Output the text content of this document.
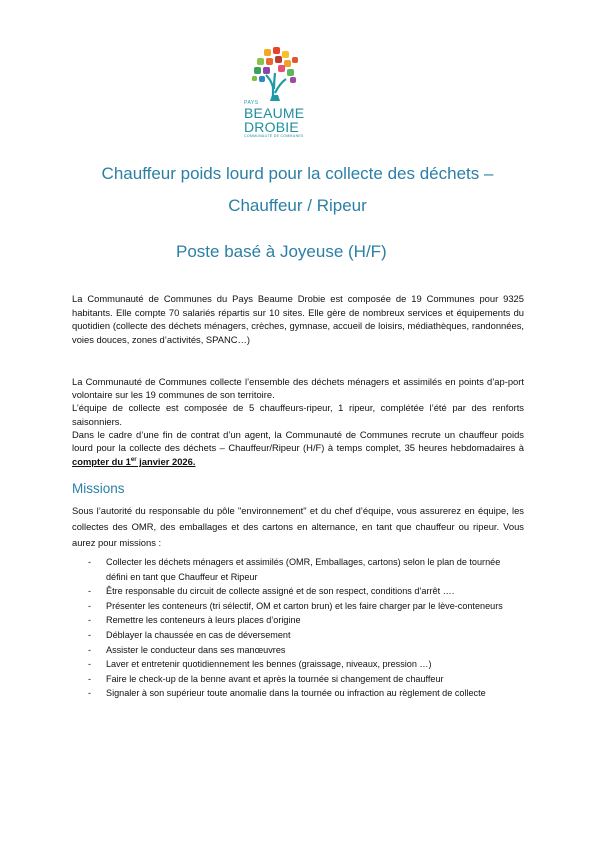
PAYS
BEAUME
DROBIE
COMMUNAUTÉ DE COMMUNES
Chauffeur poids lourd pour la collecte des déchets –
Chauffeur / Ripeur
Poste basé à Joyeuse (H/F)
La Communauté de Communes du Pays Beaume Drobie est composée de 19 Communes pour 9325 habitants. Elle compte 70 salariés répartis sur 10 sites. Elle gère de nombreux services et équipements du quotidien (collecte des déchets ménagers, crèches, gymnase, accueil de loisirs, médiathèques, randonnées, voies douces, zones d’activités, SPANC…)
La Communauté de Communes collecte l’ensemble des déchets ménagers et assimilés en points d’ap-port volontaire sur les 19 communes de son territoire.
L’équipe de collecte est composée de 5 chauffeurs-ripeur, 1 ripeur, complétée l’été par des renforts saisonniers.
Dans le cadre d’une fin de contrat d’un agent, la Communauté de Communes recrute un chauffeur poids lourd pour la collecte des déchets – Chauffeur/Ripeur (H/F) à temps complet, 35 heures hebdomadaires à compter du 1er janvier 2026.
Missions
Sous l’autorité du responsable du pôle "environnement" et du chef d’équipe, vous assurerez en équipe, les collectes des OMR, des emballages et des cartons en alternance, en tant que chauffeur ou ripeur. Vous aurez pour missions :
- Collecter les déchets ménagers et assimilés (OMR, Emballages, cartons) selon le plan de tournée défini en tant que Chauffeur et Ripeur
- Être responsable du circuit de collecte assigné et de son respect, conditions d’arrêt ….
- Présenter les conteneurs (tri sélectif, OM et carton brun) et les faire charger par le lève-conteneurs
- Remettre les conteneurs à leurs places d’origine
- Déblayer la chaussée en cas de déversement
- Assister le conducteur dans ses manœuvres
- Laver et entretenir quotidiennement les bennes (graissage, niveaux, pression …)
- Faire le check-up de la benne avant et après la tournée si changement de chauffeur
- Signaler à son supérieur toute anomalie dans la tournée ou infraction au règlement de collecte
